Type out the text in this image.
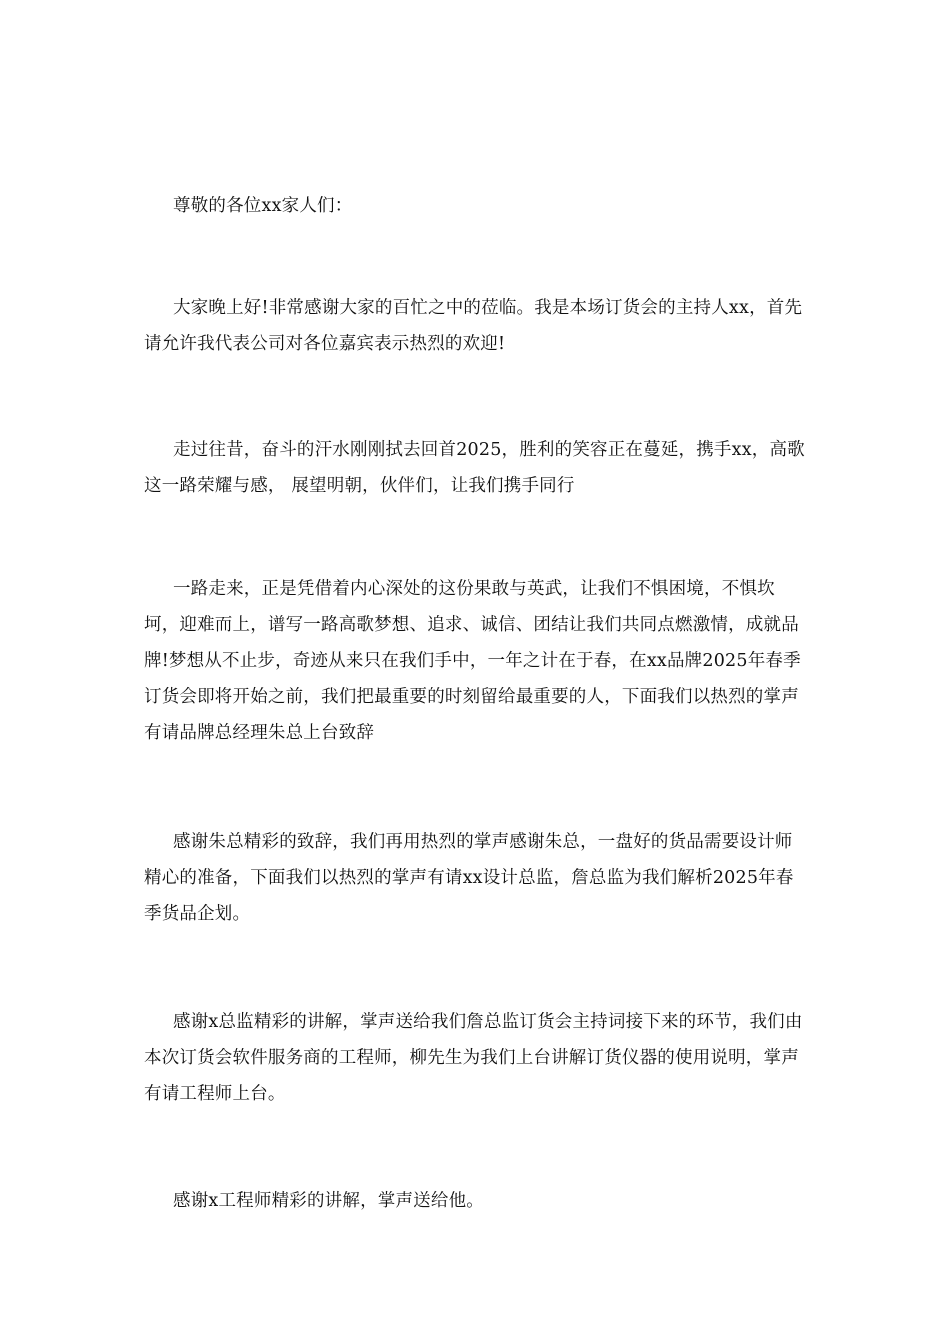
尊敬的各位xx家人们：

大家晚上好!非常感谢大家的百忙之中的莅临。我是本场订货会的主持人xx，首先请允许我代表公司对各位嘉宾表示热烈的欢迎!

走过往昔，奋斗的汗水刚刚拭去回首2025，胜利的笑容正在蔓延，携手xx，高歌这一路荣耀与感， 展望明朝，伙伴们，让我们携手同行

一路走来，正是凭借着内心深处的这份果敢与英武，让我们不惧困境，不惧坎坷，迎难而上，谱写一路高歌梦想、追求、诚信、团结让我们共同点燃激情，成就品牌!梦想从不止步，奇迹从来只在我们手中，一年之计在于春，在xx品牌2025年春季订货会即将开始之前，我们把最重要的时刻留给最重要的人，下面我们以热烈的掌声有请品牌总经理朱总上台致辞

感谢朱总精彩的致辞，我们再用热烈的掌声感谢朱总，一盘好的货品需要设计师精心的准备，下面我们以热烈的掌声有请xx设计总监，詹总监为我们解析2025年春季货品企划。

感谢x总监精彩的讲解，掌声送给我们詹总监订货会主持词接下来的环节，我们由本次订货会软件服务商的工程师，柳先生为我们上台讲解订货仪器的使用说明，掌声有请工程师上台。

感谢x工程师精彩的讲解，掌声送给他。
